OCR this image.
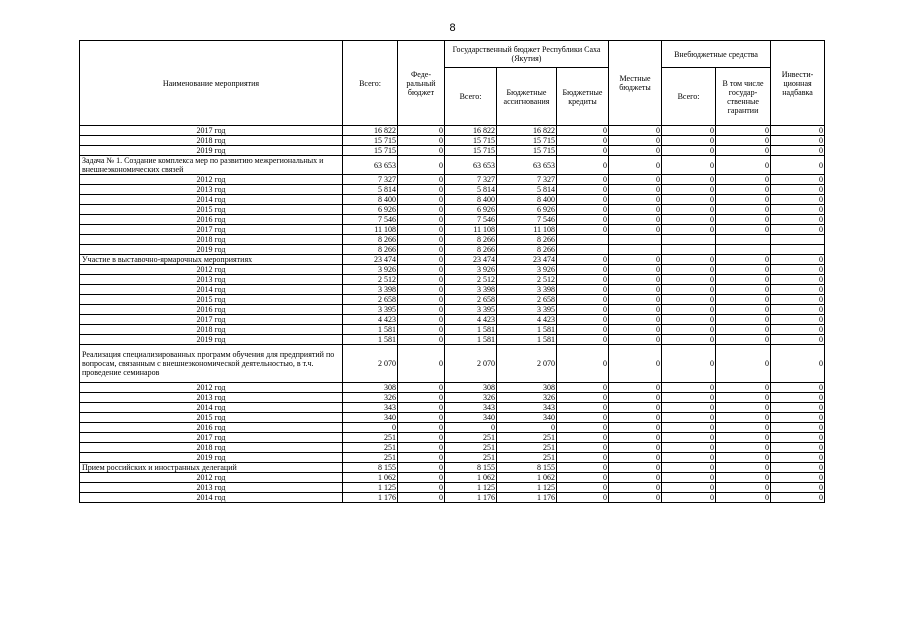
8
Наименование мероприятия	Всего:	Феде-ральный бюджет	Государственный бюджет Республики Саха (Якутия)			Местные бюджеты	Внебюджетные средства		Инвести-ционная надбавка
			Всего:	Бюджетные ассигнования	Бюджетные кредиты		Всего:	В том числе государ-ственные гарантии	
2017 год	16 822	0	16 822	16 822	0	0	0	0	0
2018 год	15 715	0	15 715	15 715	0	0	0	0	0
2019 год	15 715	0	15 715	15 715	0	0	0	0	0
Задача № 1. Создание комплекса мер по развитию межрегиональных и внешнеэкономических связей	63 653	0	63 653	63 653	0	0	0	0	0
2012 год	7 327	0	7 327	7 327	0	0	0	0	0
2013 год	5 814	0	5 814	5 814	0	0	0	0	0
2014 год	8 400	0	8 400	8 400	0	0	0	0	0
2015 год	6 926	0	6 926	6 926	0	0	0	0	0
2016 год	7 546	0	7 546	7 546	0	0	0	0	0
2017 год	11 108	0	11 108	11 108	0	0	0	0	0
2018 год	8 266	0	8 266	8 266					
2019 год	8 266	0	8 266	8 266					
Участие в выставочно-ярмарочных мероприятиях	23 474	0	23 474	23 474	0	0	0	0	0
2012 год	3 926	0	3 926	3 926	0	0	0	0	0
2013 год	2 512	0	2 512	2 512	0	0	0	0	0
2014 год	3 398	0	3 398	3 398	0	0	0	0	0
2015 год	2 658	0	2 658	2 658	0	0	0	0	0
2016 год	3 395	0	3 395	3 395	0	0	0	0	0
2017 год	4 423	0	4 423	4 423	0	0	0	0	0
2018 год	1 581	0	1 581	1 581	0	0	0	0	0
2019 год	1 581	0	1 581	1 581	0	0	0	0	0
Реализация специализированных программ обучения для предприятий по вопросам, связанным с внешнеэкономической деятельностью, в т.ч. проведение семинаров	2 070	0	2 070	2 070	0	0	0	0	0
2012 год	308	0	308	308	0	0	0	0	0
2013 год	326	0	326	326	0	0	0	0	0
2014 год	343	0	343	343	0	0	0	0	0
2015 год	340	0	340	340	0	0	0	0	0
2016 год	0	0	0	0	0	0	0	0	0
2017 год	251	0	251	251	0	0	0	0	0
2018 год	251	0	251	251	0	0	0	0	0
2019 год	251	0	251	251	0	0	0	0	0
Прием российских и иностранных делегаций	8 155	0	8 155	8 155	0	0	0	0	0
2012 год	1 062	0	1 062	1 062	0	0	0	0	0
2013 год	1 125	0	1 125	1 125	0	0	0	0	0
2014 год	1 176	0	1 176	1 176	0	0	0	0	0
